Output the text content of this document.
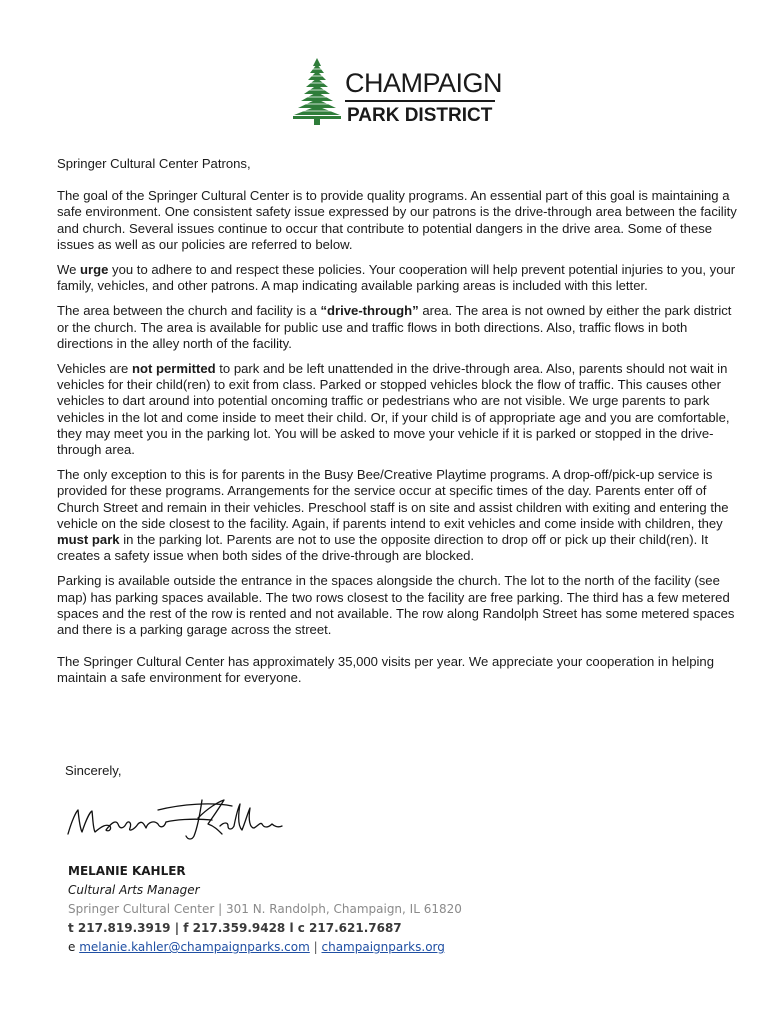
CHAMPAIGN
PARK DISTRICT

Springer Cultural Center Patrons,

The goal of the Springer Cultural Center is to provide quality programs. An essential part of this goal is maintaining a safe environment. One consistent safety issue expressed by our patrons is the drive-through area between the facility and church. Several issues continue to occur that contribute to potential dangers in the drive area. Some of these issues as well as our policies are referred to below.

We urge you to adhere to and respect these policies. Your cooperation will help prevent potential injuries to you, your family, vehicles, and other patrons. A map indicating available parking areas is included with this letter.

The area between the church and facility is a “drive-through” area. The area is not owned by either the park district or the church. The area is available for public use and traffic flows in both directions. Also, traffic flows in both directions in the alley north of the facility.

Vehicles are not permitted to park and be left unattended in the drive-through area. Also, parents should not wait in vehicles for their child(ren) to exit from class. Parked or stopped vehicles block the flow of traffic. This causes other vehicles to dart around into potential oncoming traffic or pedestrians who are not visible. We urge parents to park vehicles in the lot and come inside to meet their child. Or, if your child is of appropriate age and you are comfortable, they may meet you in the parking lot. You will be asked to move your vehicle if it is parked or stopped in the drive-through area.

The only exception to this is for parents in the Busy Bee/Creative Playtime programs. A drop-off/pick-up service is provided for these programs. Arrangements for the service occur at specific times of the day. Parents enter off of Church Street and remain in their vehicles. Preschool staff is on site and assist children with exiting and entering the vehicle on the side closest to the facility. Again, if parents intend to exit vehicles and come inside with children, they must park in the parking lot. Parents are not to use the opposite direction to drop off or pick up their child(ren). It creates a safety issue when both sides of the drive-through are blocked.

Parking is available outside the entrance in the spaces alongside the church. The lot to the north of the facility (see map) has parking spaces available. The two rows closest to the facility are free parking. The third has a few metered spaces and the rest of the row is rented and not available. The row along Randolph Street has some metered spaces and there is a parking garage across the street.

The Springer Cultural Center has approximately 35,000 visits per year. We appreciate your cooperation in helping maintain a safe environment for everyone.

Sincerely,
MELANIE KAHLER
Cultural Arts Manager
Springer Cultural Center | 301 N. Randolph, Champaign, IL 61820
t 217.819.3919 | f 217.359.9428 l c 217.621.7687
e melanie.kahler@champaignparks.com | champaignparks.org
